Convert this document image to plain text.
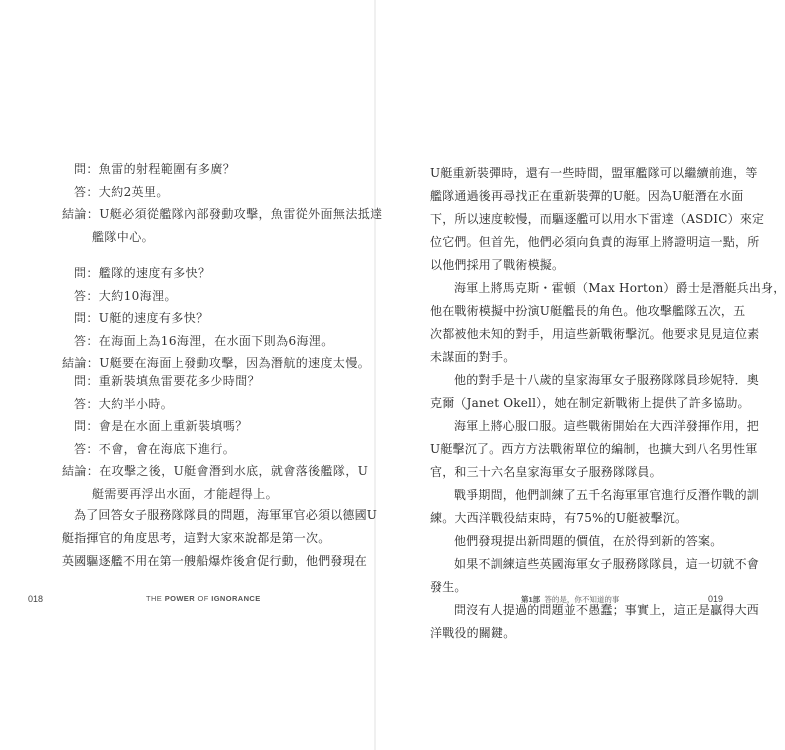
問：魚雷的射程範圍有多廣？
答：大約2英里。
結論：U艇必須從艦隊內部發動攻擊，魚雷從外面無法抵達
艦隊中心。
問：艦隊的速度有多快？
答：大約10海浬。
問：U艇的速度有多快？
答：在海面上為16海浬，在水面下則為6海浬。
結論：U艇要在海面上發動攻擊，因為潛航的速度太慢。
問：重新裝填魚雷要花多少時間？
答：大約半小時。
問：會是在水面上重新裝填嗎？
答：不會，會在海底下進行。
結論：在攻擊之後，U艇會潛到水底，就會落後艦隊，U
艇需要再浮出水面，才能趕得上。
為了回答女子服務隊隊員的問題，海軍軍官必須以德國U
艇指揮官的角度思考，這對大家來說都是第一次。
英國驅逐艦不用在第一艘船爆炸後倉促行動，他們發現在
018	THE POWER OF IGNORANCE
U艇重新裝彈時，還有一些時間，盟軍艦隊可以繼續前進，等
艦隊通過後再尋找正在重新裝彈的U艇。因為U艇潛在水面
下，所以速度較慢，而驅逐艦可以用水下雷達（ASDIC）來定
位它們。但首先，他們必須向負責的海軍上將證明這一點，所
以他們採用了戰術模擬。
海軍上將馬克斯・霍頓（Max Horton）爵士是潛艇兵出身，
他在戰術模擬中扮演U艇艦長的角色。他攻擊艦隊五次，五
次都被他未知的對手，用這些新戰術擊沉。他要求見見這位素
未謀面的對手。
他的對手是十八歲的皇家海軍女子服務隊隊員珍妮特．奧
克爾（Janet Okell），她在制定新戰術上提供了許多協助。
海軍上將心服口服。這些戰術開始在大西洋發揮作用，把
U艇擊沉了。西方方法戰術單位的編制，也擴大到八名男性軍
官，和三十六名皇家海軍女子服務隊隊員。
戰爭期間，他們訓練了五千名海軍軍官進行反潛作戰的訓
練。大西洋戰役結束時，有75%的U艇被擊沉。
他們發現提出新問題的價值，在於得到新的答案。
如果不訓練這些英國海軍女子服務隊隊員，這一切就不會
發生。
問沒有人提過的問題並不愚蠢；事實上，這正是贏得大西
洋戰役的關鍵。
第1部 答的是，你不知道的事	019
